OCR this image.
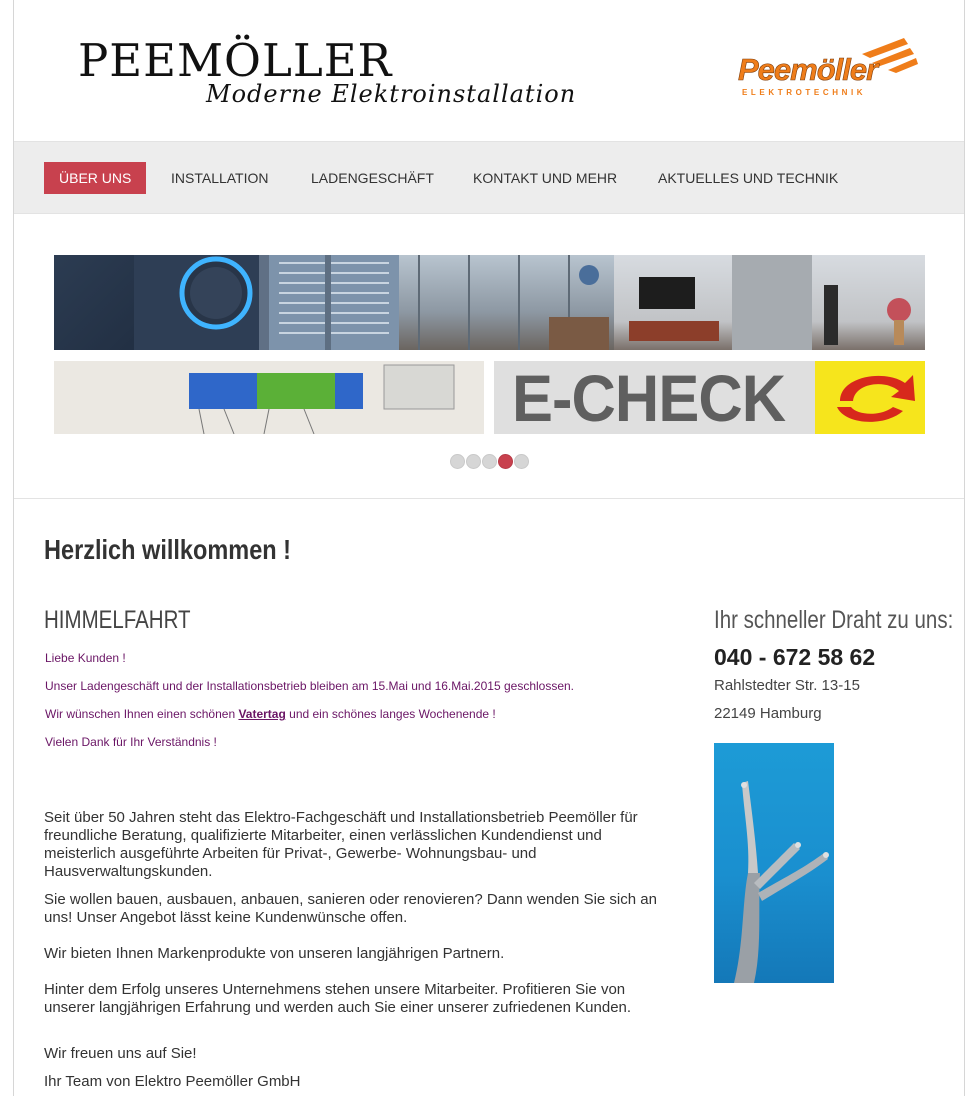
PEEMÖLLER
Moderne Elektroinstallation
Peemöller
ELEKTROTECHNIK
ÜBER UNS	INSTALLATION	LADENGESCHÄFT	KONTAKT UND MEHR	AKTUELLES UND TECHNIK
E-CHECK
Herzlich willkommen !
HIMMELFAHRT
Liebe Kunden !
Unser Ladengeschäft und der Installationsbetrieb bleiben am 15.Mai und 16.Mai.2015 geschlossen.
Wir wünschen Ihnen einen schönen Vatertag und ein schönes langes Wochenende !
Vielen Dank für Ihr Verständnis !

Seit über 50 Jahren steht das Elektro-Fachgeschäft und Installationsbetrieb Peemöller für freundliche Beratung, qualifizierte Mitarbeiter, einen verlässlichen Kundendienst und meisterlich ausgeführte Arbeiten für Privat-, Gewerbe- Wohnungsbau- und Hausverwaltungskunden.

Sie wollen bauen, ausbauen, anbauen, sanieren oder renovieren? Dann wenden Sie sich an uns! Unser Angebot lässt keine Kundenwünsche offen.

Wir bieten Ihnen Markenprodukte von unseren langjährigen Partnern.

Hinter dem Erfolg unseres Unternehmens stehen unsere Mitarbeiter. Profitieren Sie von unserer langjährigen Erfahrung und werden auch Sie einer unserer zufriedenen Kunden.

Wir freuen uns auf Sie!

Ihr Team von Elektro Peemöller GmbH

Ihr schneller Draht zu uns:
040 - 672 58 62
Rahlstedter Str. 13-15
22149 Hamburg
